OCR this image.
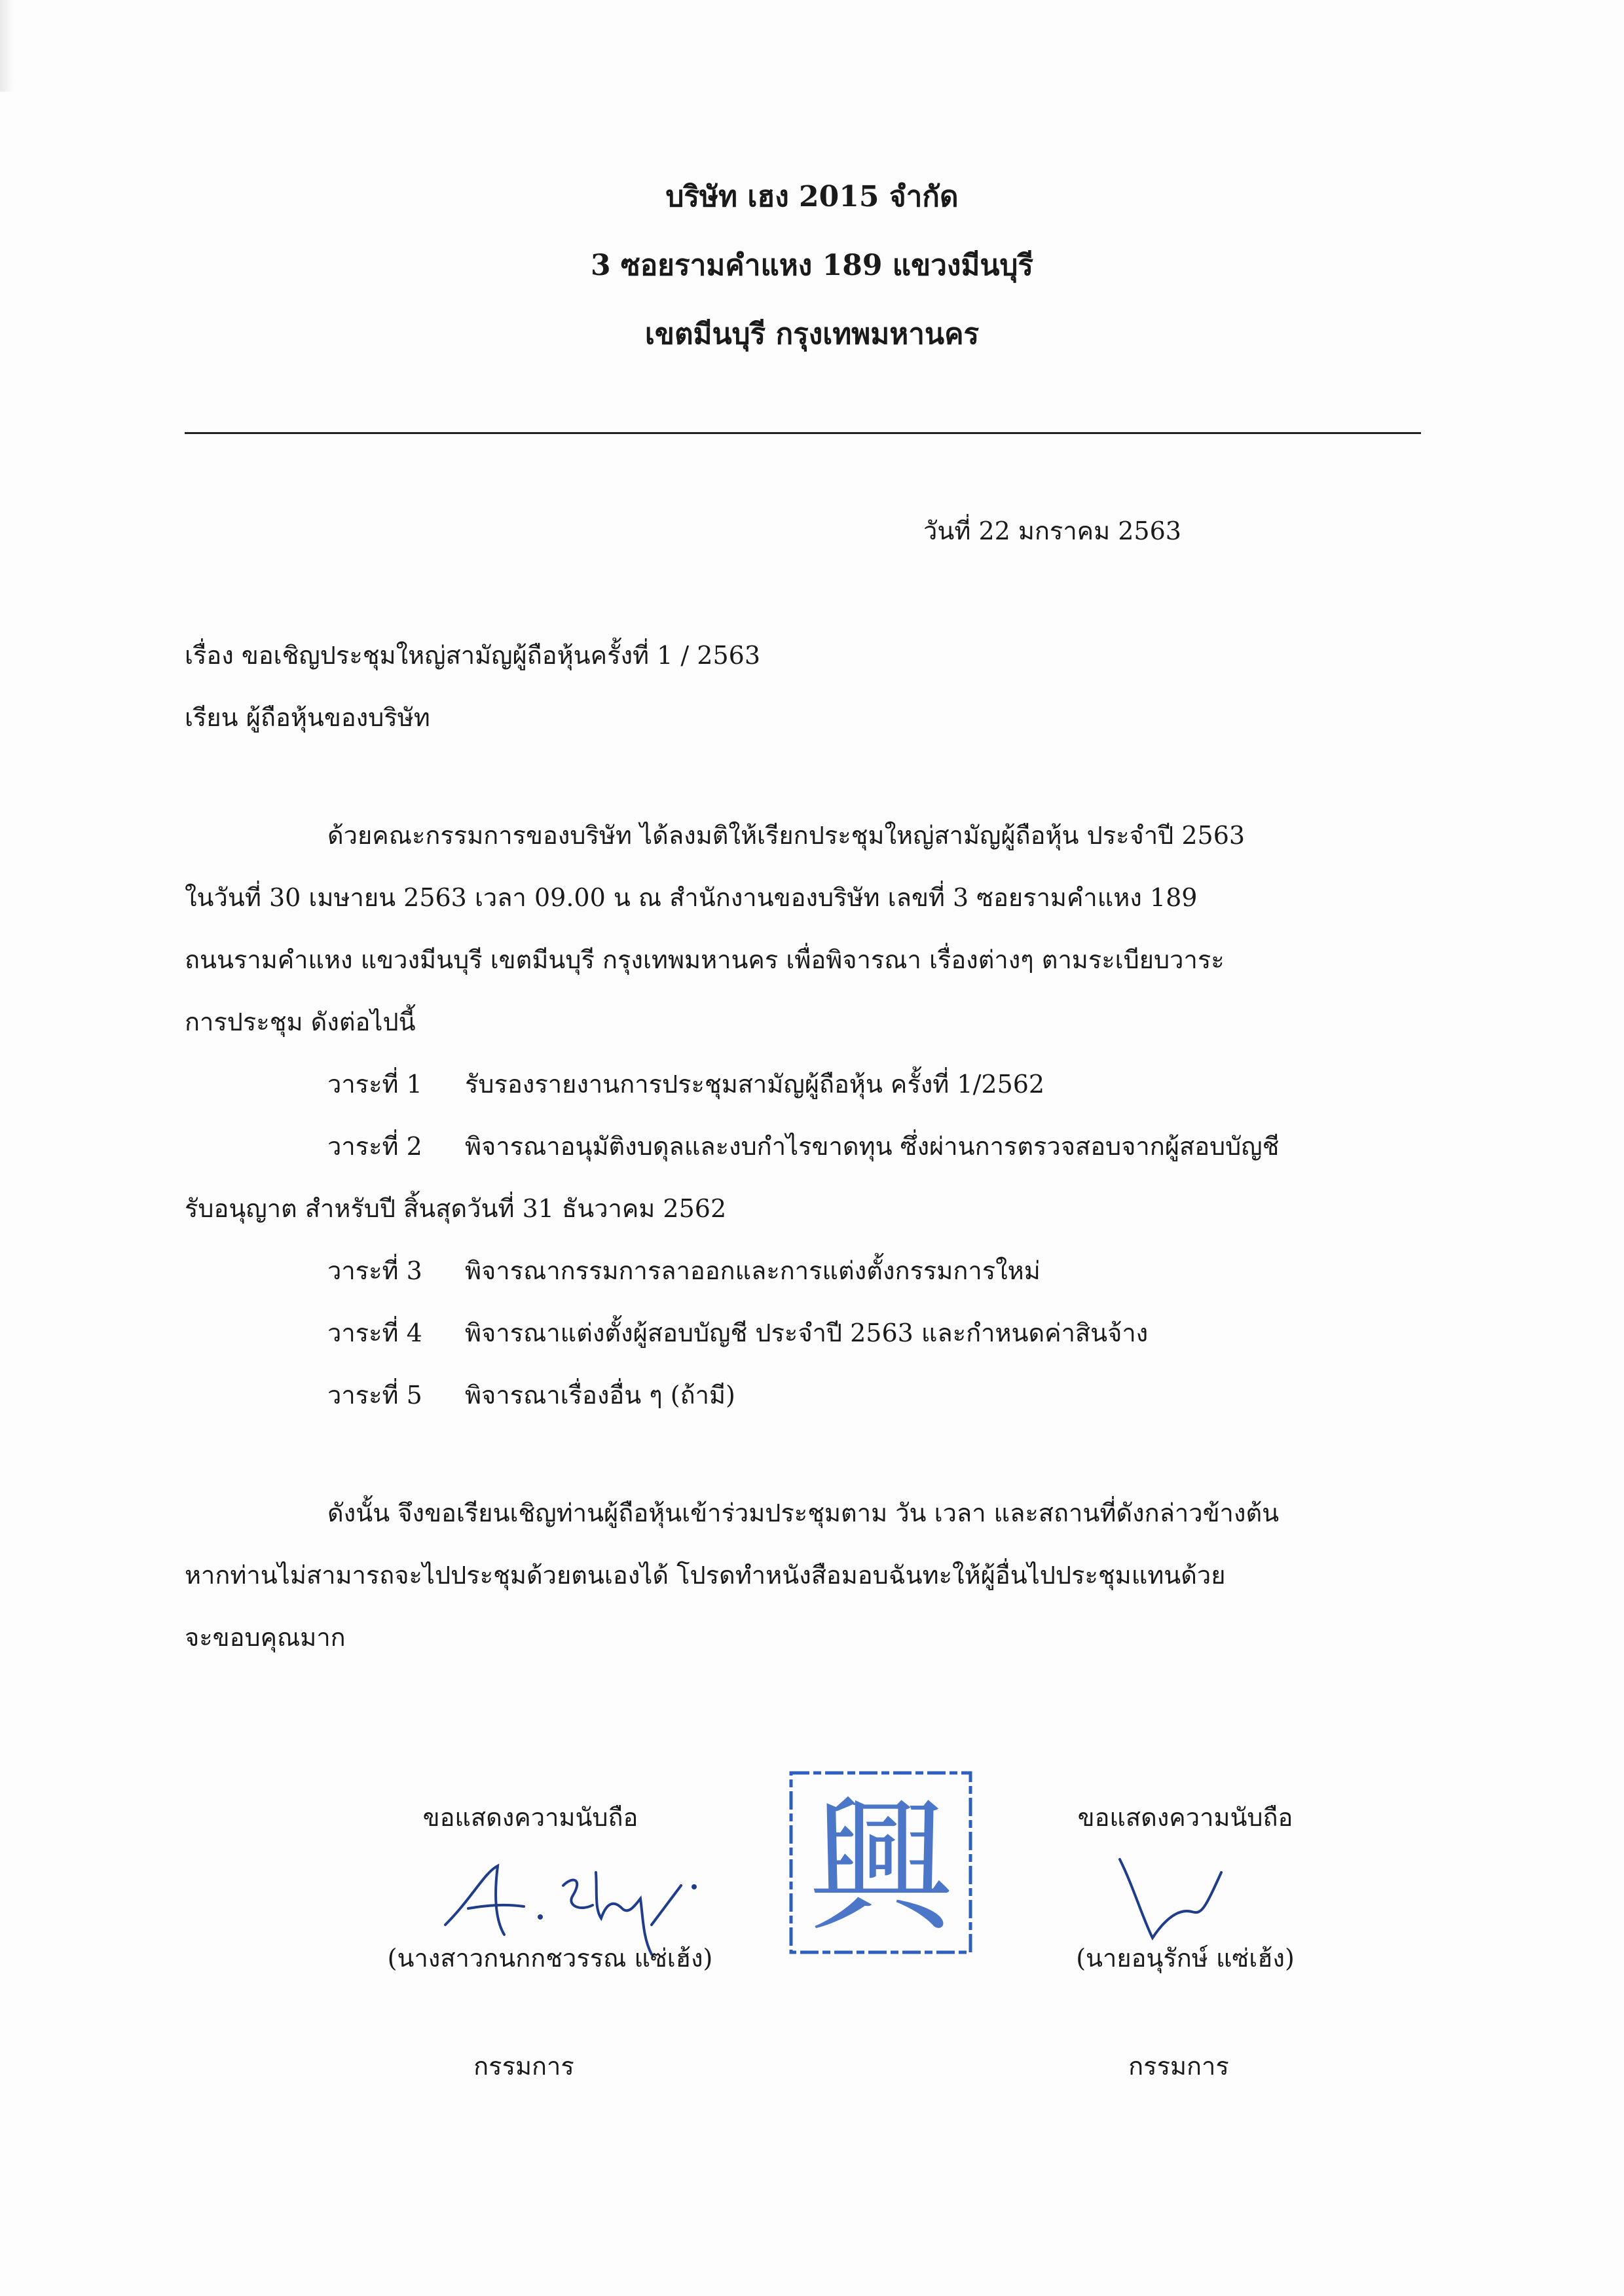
บริษัท เฮง 2015 จำกัด
3 ซอยรามคำแหง 189 แขวงมีนบุรี
เขตมีนบุรี กรุงเทพมหานคร
วันที่ 22 มกราคม 2563
เรื่อง ขอเชิญประชุมใหญ่สามัญผู้ถือหุ้นครั้งที่ 1 / 2563
เรียน ผู้ถือหุ้นของบริษัท
ด้วยคณะกรรมการของบริษัท ได้ลงมติให้เรียกประชุมใหญ่สามัญผู้ถือหุ้น ประจำปี 2563
ในวันที่ 30 เมษายน 2563 เวลา 09.00 น ณ สำนักงานของบริษัท เลขที่ 3 ซอยรามคำแหง 189
ถนนรามคำแหง แขวงมีนบุรี เขตมีนบุรี กรุงเทพมหานคร เพื่อพิจารณา เรื่องต่างๆ ตามระเบียบวาระ
การประชุม ดังต่อไปนี้
วาระที่ 1 รับรองรายงานการประชุมสามัญผู้ถือหุ้น ครั้งที่ 1/2562
วาระที่ 2 พิจารณาอนุมัติงบดุลและงบกำไรขาดทุน ซึ่งผ่านการตรวจสอบจากผู้สอบบัญชี
รับอนุญาต สำหรับปี สิ้นสุดวันที่ 31 ธันวาคม 2562
วาระที่ 3 พิจารณากรรมการลาออกและการแต่งตั้งกรรมการใหม่
วาระที่ 4 พิจารณาแต่งตั้งผู้สอบบัญชี ประจำปี 2563 และกำหนดค่าสินจ้าง
วาระที่ 5 พิจารณาเรื่องอื่น ๆ (ถ้ามี)
ดังนั้น จึงขอเรียนเชิญท่านผู้ถือหุ้นเข้าร่วมประชุมตาม วัน เวลา และสถานที่ดังกล่าวข้างต้น
หากท่านไม่สามารถจะไปประชุมด้วยตนเองได้ โปรดทำหนังสือมอบฉันทะให้ผู้อื่นไปประชุมแทนด้วย
จะขอบคุณมาก
ขอแสดงความนับถือ
(นางสาวกนกกชวรรณ แซ่เฮ้ง)
กรรมการ
興	ขอแสดงความนับถือ
(นายอนุรักษ์ แซ่เฮ้ง)
กรรมการ
